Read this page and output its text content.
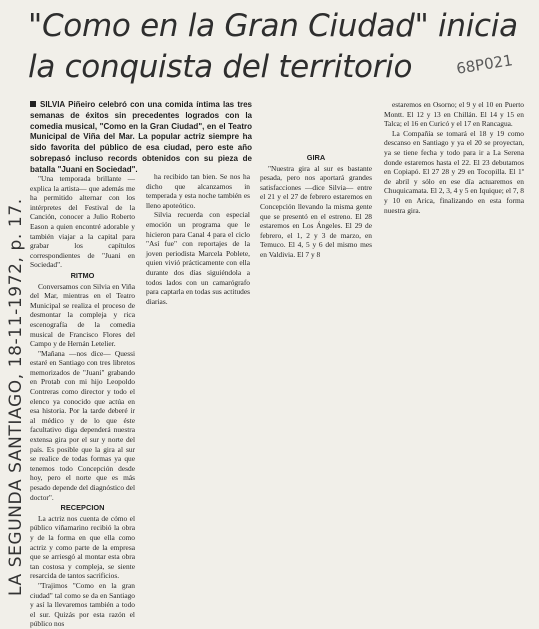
"Como en la Gran Ciudad" inicia
la conquista del territorio	68P021
LA SEGUNDA SANTIAGO, 18-11-1972, p. 17.
SILVIA Piñeiro celebró con una comida íntima las tres semanas de éxitos sin precedentes logrados con la comedia musical, "Como en la Gran Ciudad", en el Teatro Municipal de Viña del Mar. La popular actriz siempre ha sido favorita del público de esa ciudad, pero este año sobrepasó incluso records obtenidos con su pieza de batalla "Juani en Sociedad".

"Una temporada brillante —explica la artista— que además me ha permitido alternar con los intérpretes del Festival de la Canción, conocer a Julio Roberto Eason a quien encontré adorable y también viajar a la capital para grabar los capítulos correspondientes de "Juani en Sociedad".

RITMO

Conversamos con Silvia en Viña del Mar, mientras en el Teatro Municipal se realiza el proceso de desmontar la compleja y rica escenografía de la comedia musical de Francisco Flores del Campo y de Hernán Letelier.

"Mañana —nos dice— Quessi estaré en Santiago con tres libretos memorizados de "Juani" grabando en Protab con mi hijo Leopoldo Contreras como director y todo el elenco ya conocido que actúa en esa historia. Por la tarde deberé ir al médico y de lo que éste facultativo diga dependerá nuestra extensa gira por el sur y norte del país. Es posible que la gira al sur se realice de todas formas ya que tenemos todo Concepción desde hoy, pero el norte que es más pesado depende del diagnóstico del doctor".

RECEPCION

La actriz nos cuenta de cómo el público viñamarino recibió la obra y de la forma en que ella como actriz y como parte de la empresa que se arriesgó al montar esta obra tan costosa y compleja, se siente resarcida de tantos sacrificios.

"Trajimos "Como en la gran ciudad" tal como se da en Santiago y así la llevaremos también a todo el sur. Quizás por esta razón el público nos

ha recibido tan bien. Se nos ha dicho que alcanzamos in temperada y esta noche también es lleno apoteótico.

Silvia recuerda con especial emoción un programa que le hicieron para Canal 4 para el ciclo "Así fue" con reportajes de la joven periodista Marcela Poblete, quien vivió prácticamente con ella durante dos días siguiéndola a todos lados con un camarógrafo para captarla en todas sus actitudes diarias.

GIRA

"Nuestra gira al sur es bastante pesada, pero nos aportará grandes satisfacciones —dice Silvia— entre el 21 y el 27 de febrero estaremos en Concepción llevando la misma gente que se presentó en el estreno. El 28 estaremos en Los Ángeles. El 29 de febrero, el 1, 2 y 3 de marzo, en Temuco. El 4, 5 y 6 del mismo mes en Valdivia. El 7 y 8

estaremos en Osorno; el 9 y el 10 en Puerto Montt. El 12 y 13 en Chillán. El 14 y 15 en Talca; el 16 en Curicó y el 17 en Rancagua.

La Compañía se tomará el 18 y 19 como descanso en Santiago y ya el 20 se proyectan, ya se tiene fecha y todo para ir a La Serena donde estaremos hasta el 22. El 23 debutamos en Copiapó. El 27 28 y 29 en Tocopilla. El 1º de abril y sólo en ese día actuaremos en Chuquicamata. El 2, 3, 4 y 5 en Iquique; el 7, 8 y 10 en Arica, finalizando en esta forma nuestra gira.
